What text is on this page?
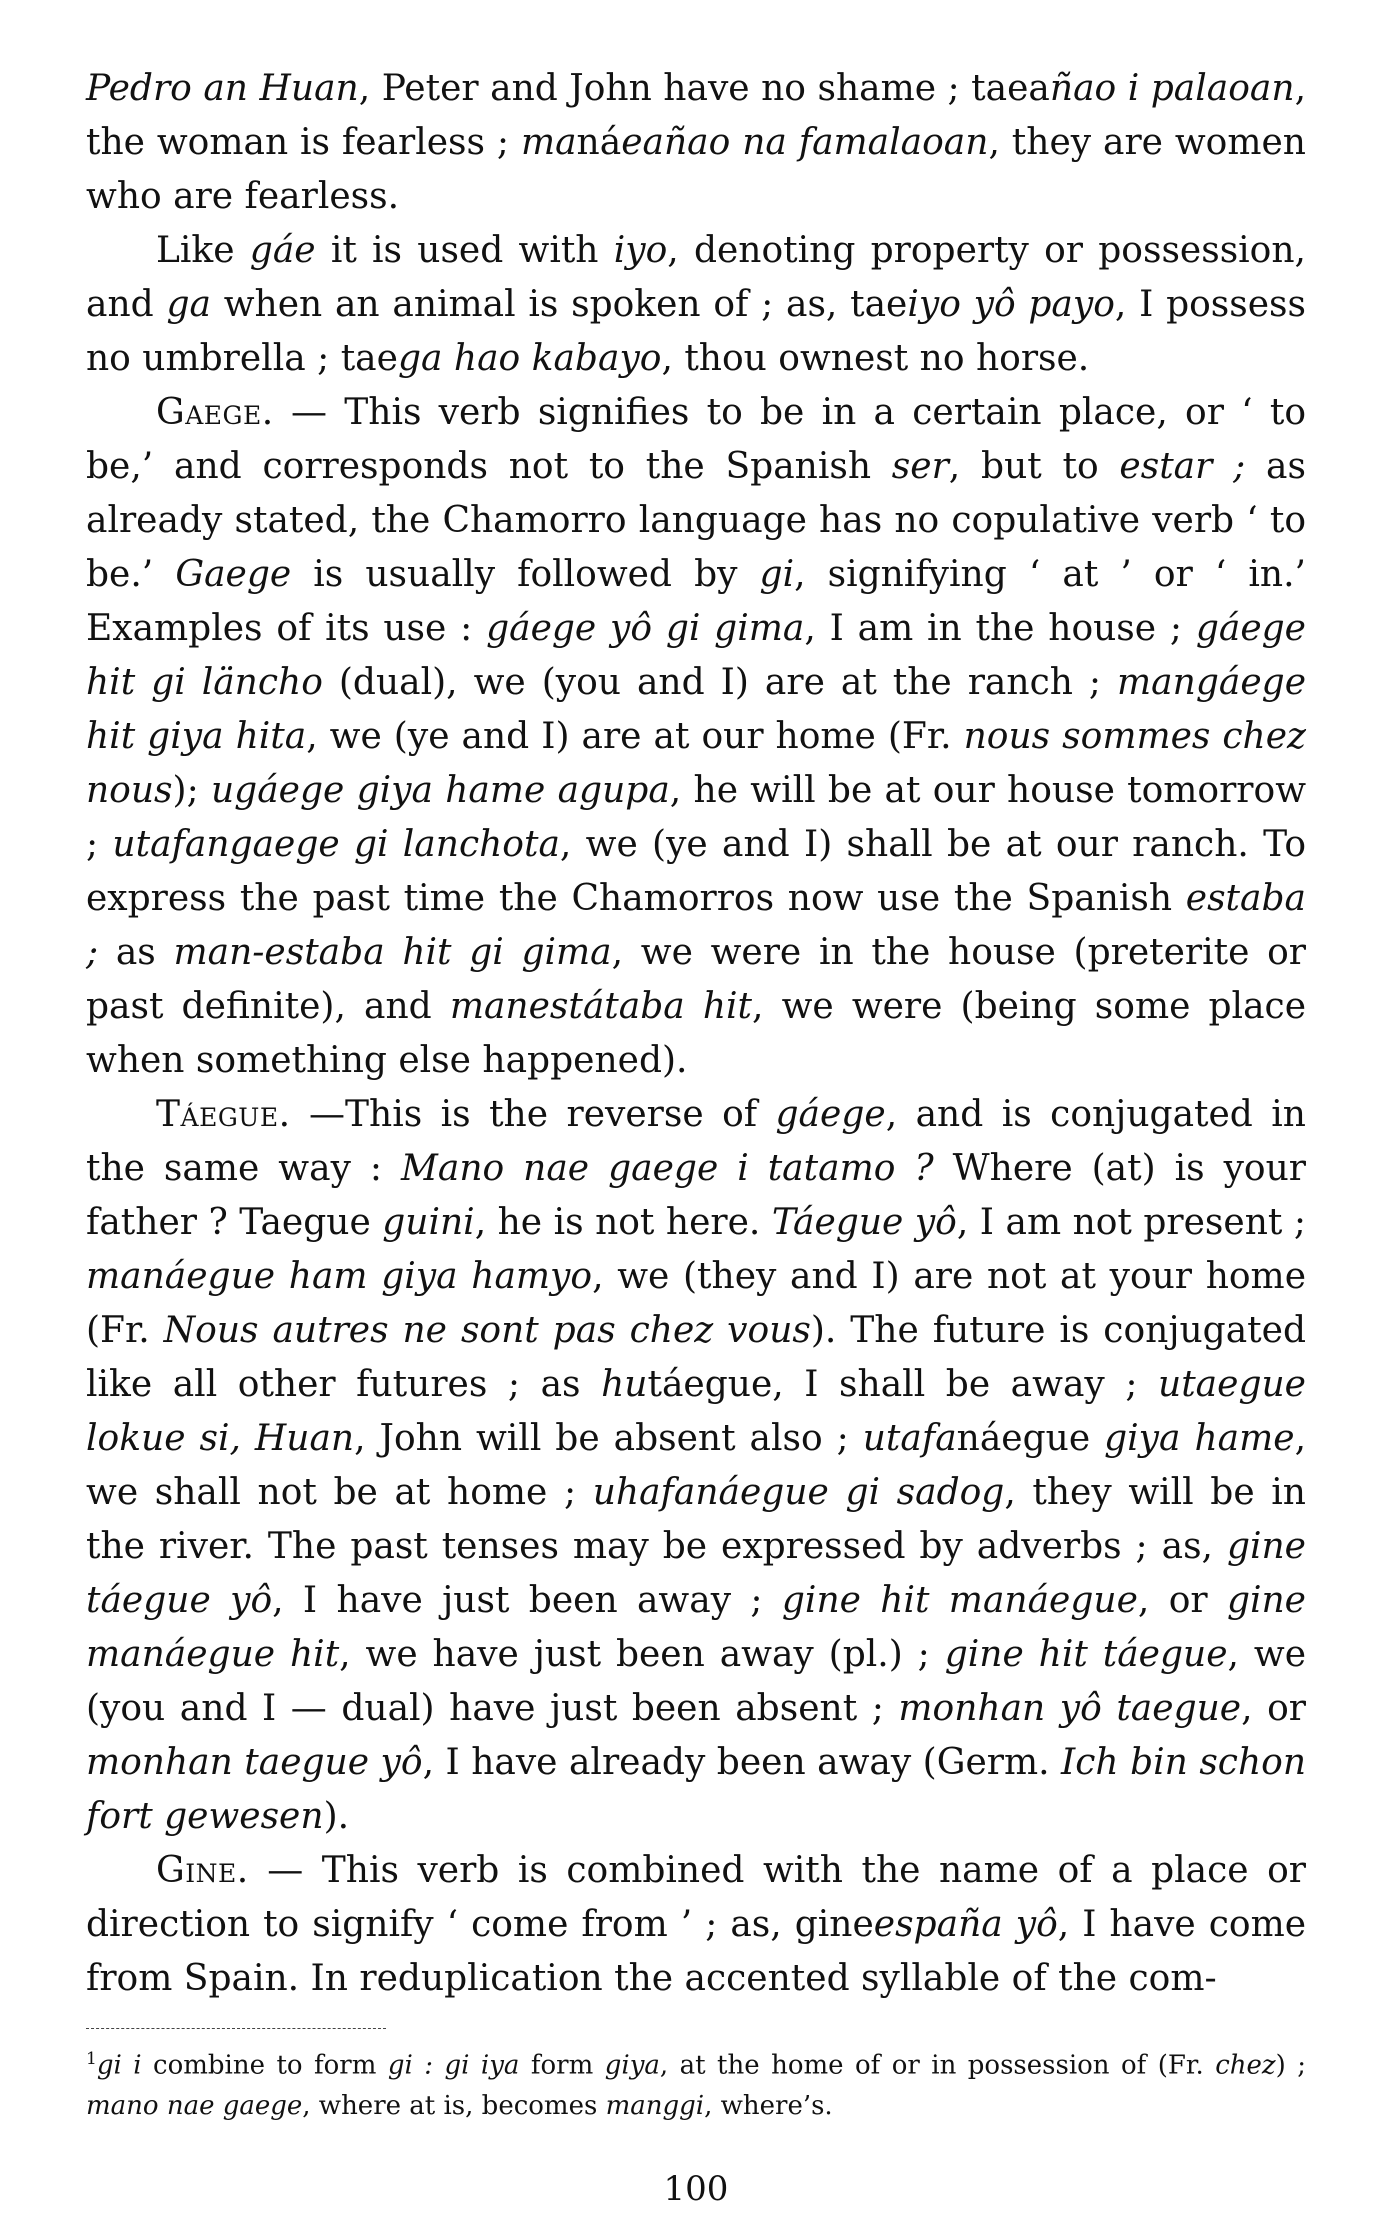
Pedro an Huan, Peter and John have no shame ; taeañao i palaoan, the woman is fearless ; manáeañao na famalaoan, they are women who are fearless.

Like gáe it is used with iyo, denoting property or possession, and ga when an animal is spoken of ; as, taeiyo yô payo, I possess no umbrella ; taega hao kabayo, thou ownest no horse.

Gaege. — This verb signifies to be in a certain place, or ‘ to be,’ and corresponds not to the Spanish ser, but to estar ; as already stated, the Chamorro language has no copulative verb ‘ to be.’ Gaege is usually followed by gi, signifying ‘ at ’ or ‘ in.’ Examples of its use : gáege yô gi gima, I am in the house ; gáege hit gi läncho (dual), we (you and I) are at the ranch ; mangáege hit giya hita, we (ye and I) are at our home (Fr. nous sommes chez nous); ugáege giya hame agupa, he will be at our house tomorrow ; utafangaege gi lanchota, we (ye and I) shall be at our ranch. To express the past time the Chamorros now use the Spanish estaba ; as man-estaba hit gi gima, we were in the house (preterite or past definite), and manestátaba hit, we were (being some place when something else happened).

Táegue. —This is the reverse of gáege, and is conjugated in the same way : Mano nae gaege i tatamo ? Where (at) is your father ? Taegue guini, he is not here. Táegue yô, I am not present ; manáegue ham giya hamyo, we (they and I) are not at your home (Fr. Nous autres ne sont pas chez vous). The future is conjugated like all other futures ; as hutáegue, I shall be away ; utaegue lokue si, Huan, John will be absent also ; utafanáegue giya hame, we shall not be at home ; uhafanáegue gi sadog, they will be in the river. The past tenses may be expressed by adverbs ; as, gine táegue yô, I have just been away ; gine hit manáegue, or gine manáegue hit, we have just been away (pl.) ; gine hit táegue, we (you and I — dual) have just been absent ; monhan yô taegue, or monhan taegue yô, I have already been away (Germ. Ich bin schon fort gewesen).

Gine. — This verb is combined with the name of a place or direction to signify ‘ come from ’ ; as, gineespaña yô, I have come from Spain. In reduplication the accented syllable of the com-

$^1$gi i combine to form gi : gi iya form giya, at the home of or in possession of (Fr. chez) ; mano nae gaege, where at is, becomes manggi, where’s.

100
